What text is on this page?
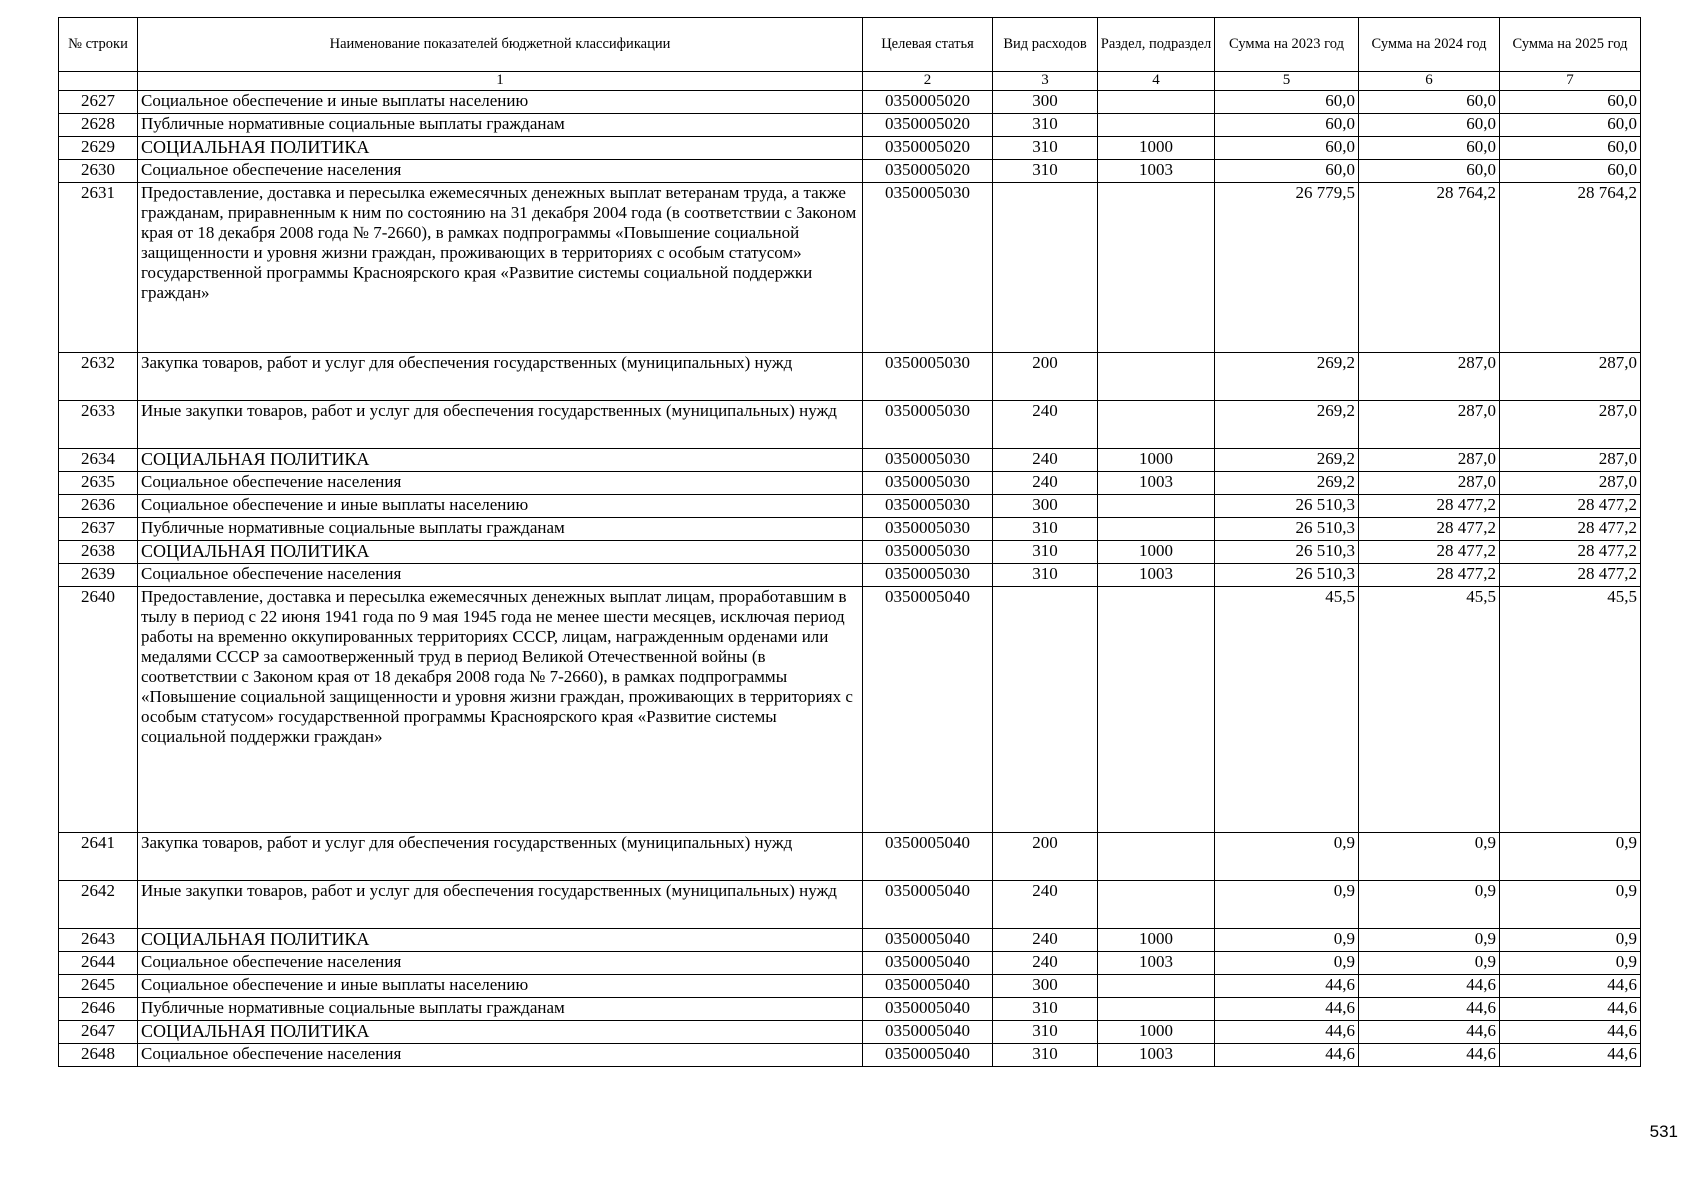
№ строки	Наименование показателей бюджетной классификации	Целевая статья	Вид расходов	Раздел, подраздел	Сумма на 2023 год	Сумма на 2024 год	Сумма на 2025 год
	1	2	3	4	5	6	7
2627	Социальное обеспечение и иные выплаты населению	0350005020	300		60,0	60,0	60,0
2628	Публичные нормативные социальные выплаты гражданам	0350005020	310		60,0	60,0	60,0
2629	СОЦИАЛЬНАЯ ПОЛИТИКА	0350005020	310	1000	60,0	60,0	60,0
2630	Социальное обеспечение населения	0350005020	310	1003	60,0	60,0	60,0
2631	Предоставление, доставка и пересылка ежемесячных денежных выплат ветеранам труда, а также гражданам, приравненным к ним по состоянию на 31 декабря 2004 года (в соответствии с Законом края от 18 декабря 2008 года № 7-2660), в рамках подпрограммы «Повышение социальной защищенности и уровня жизни граждан, проживающих в территориях с особым статусом» государственной программы Красноярского края «Развитие системы социальной поддержки граждан»	0350005030			26 779,5	28 764,2	28 764,2
2632	Закупка товаров, работ и услуг для обеспечения государственных (муниципальных) нужд	0350005030	200		269,2	287,0	287,0
2633	Иные закупки товаров, работ и услуг для обеспечения государственных (муниципальных) нужд	0350005030	240		269,2	287,0	287,0
2634	СОЦИАЛЬНАЯ ПОЛИТИКА	0350005030	240	1000	269,2	287,0	287,0
2635	Социальное обеспечение населения	0350005030	240	1003	269,2	287,0	287,0
2636	Социальное обеспечение и иные выплаты населению	0350005030	300		26 510,3	28 477,2	28 477,2
2637	Публичные нормативные социальные выплаты гражданам	0350005030	310		26 510,3	28 477,2	28 477,2
2638	СОЦИАЛЬНАЯ ПОЛИТИКА	0350005030	310	1000	26 510,3	28 477,2	28 477,2
2639	Социальное обеспечение населения	0350005030	310	1003	26 510,3	28 477,2	28 477,2
2640	Предоставление, доставка и пересылка ежемесячных денежных выплат лицам, проработавшим в тылу в период с 22 июня 1941 года по 9 мая 1945 года не менее шести месяцев, исключая период работы на временно оккупированных территориях СССР, лицам, награжденным орденами или медалями СССР за самоотверженный труд в период Великой Отечественной войны (в соответствии с Законом края от 18 декабря 2008 года № 7-2660), в рамках подпрограммы «Повышение социальной защищенности и уровня жизни граждан, проживающих в территориях с особым статусом» государственной программы Красноярского края «Развитие системы социальной поддержки граждан»	0350005040			45,5	45,5	45,5
2641	Закупка товаров, работ и услуг для обеспечения государственных (муниципальных) нужд	0350005040	200		0,9	0,9	0,9
2642	Иные закупки товаров, работ и услуг для обеспечения государственных (муниципальных) нужд	0350005040	240		0,9	0,9	0,9
2643	СОЦИАЛЬНАЯ ПОЛИТИКА	0350005040	240	1000	0,9	0,9	0,9
2644	Социальное обеспечение населения	0350005040	240	1003	0,9	0,9	0,9
2645	Социальное обеспечение и иные выплаты населению	0350005040	300		44,6	44,6	44,6
2646	Публичные нормативные социальные выплаты гражданам	0350005040	310		44,6	44,6	44,6
2647	СОЦИАЛЬНАЯ ПОЛИТИКА	0350005040	310	1000	44,6	44,6	44,6
2648	Социальное обеспечение населения	0350005040	310	1003	44,6	44,6	44,6
531
